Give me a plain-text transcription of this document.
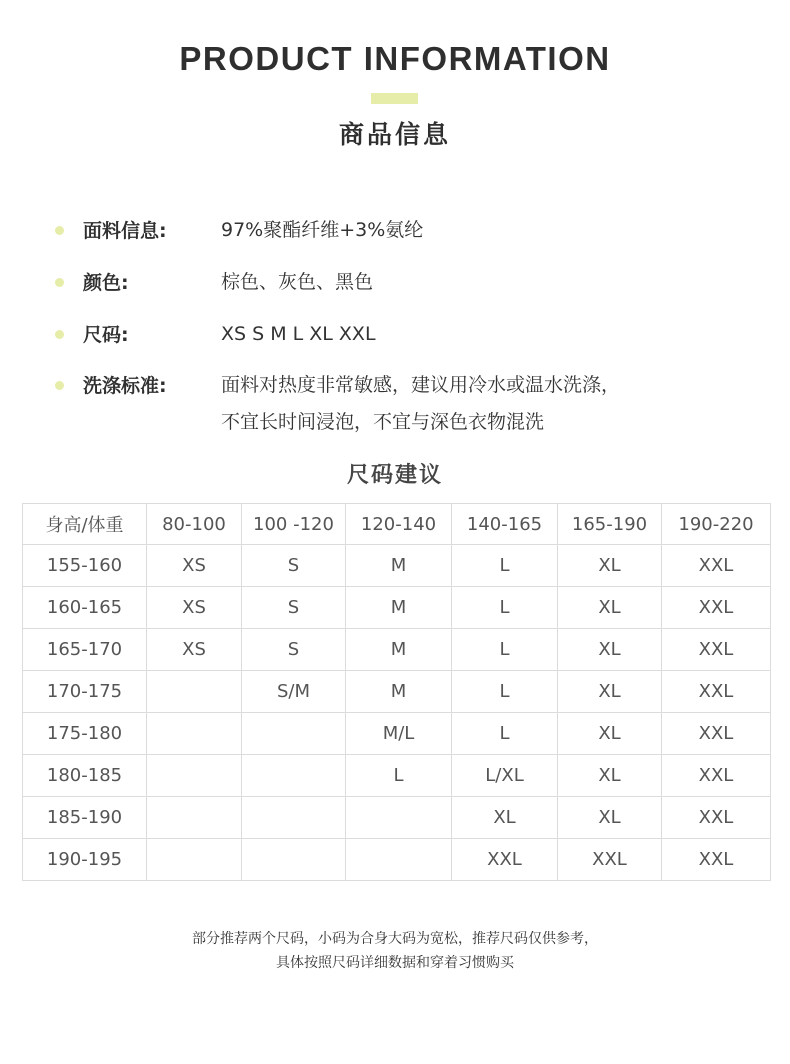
PRODUCT INFORMATION
商品信息
面料信息:	97%聚酯纤维+3%氨纶
颜色:	棕色、灰色、黑色
尺码:	XS S M L XL XXL
洗涤标准:	面料对热度非常敏感，建议用冷水或温水洗涤，
不宜长时间浸泡，不宜与深色衣物混洗
尺码建议
身高/体重	80-100	100 -120	120-140	140-165	165-190	190-220
155-160	XS	S	M	L	XL	XXL
160-165	XS	S	M	L	XL	XXL
165-170	XS	S	M	L	XL	XXL
170-175		S/M	M	L	XL	XXL
175-180			M/L	L	XL	XXL
180-185			L	L/XL	XL	XXL
185-190				XL	XL	XXL
190-195				XXL	XXL	XXL
部分推荐两个尺码，小码为合身大码为宽松，推荐尺码仅供参考，
具体按照尺码详细数据和穿着习惯购买
